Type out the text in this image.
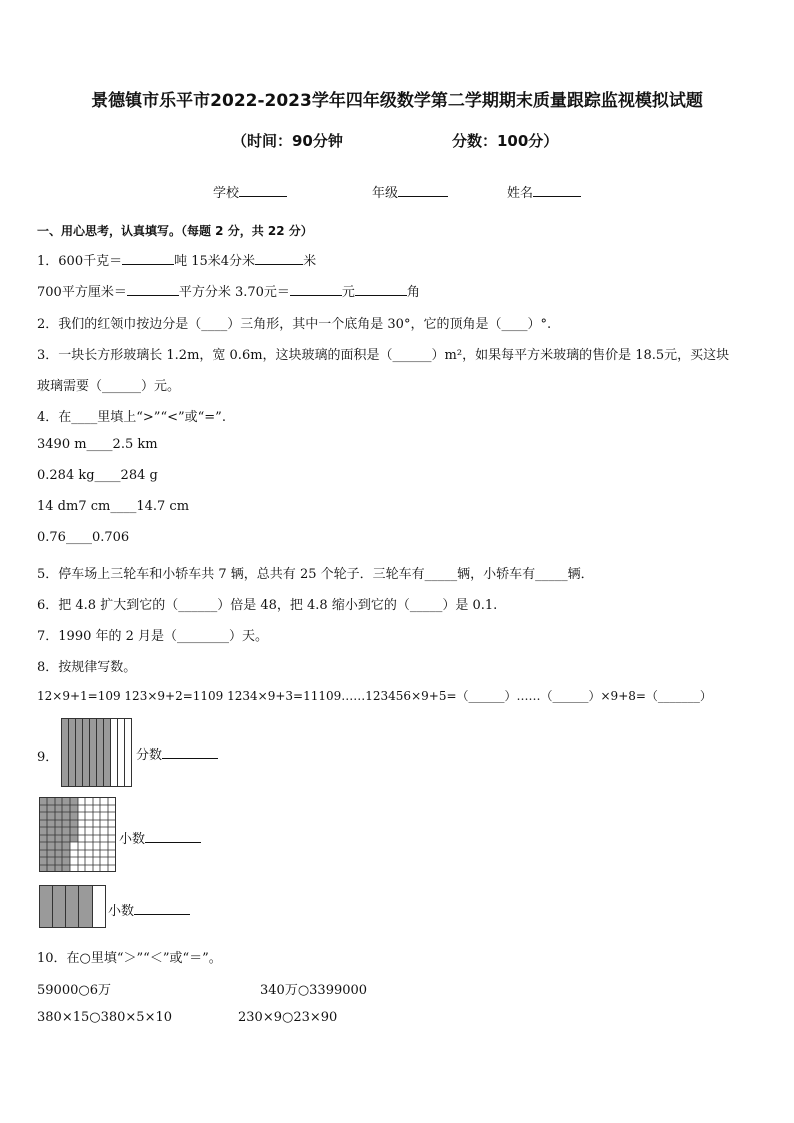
景德镇市乐平市2022-2023学年四年级数学第二学期期末质量跟踪监视模拟试题
（时间：90分钟	分数：100分）
学校	年级	姓名
一、用心思考，认真填写。（每题 2 分，共 22 分）
1．600千克＝	吨 15米4分米	米
700平方厘米＝	平方分米 3.70元＝	元	角
2．我们的红领巾按边分是（____）三角形，其中一个底角是 30°，它的顶角是（____）°.
3．一块长方形玻璃长 1.2m，宽 0.6m，这块玻璃的面积是（______）m²，如果每平方米玻璃的售价是 18.5元，买这块
玻璃需要（______）元。
4．在____里填上“>”“<”或“=”.
3490 m____2.5 km
0.284 kg____284 g
14 dm7 cm____14.7 cm
0.76____0.706
5．停车场上三轮车和小轿车共 7 辆，总共有 25 个轮子．三轮车有_____辆，小轿车有_____辆．
6．把 4.8 扩大到它的（______）倍是 48，把 4.8 缩小到它的（_____）是 0.1.
7．1990 年的 2 月是（________）天。
8．按规律写数。
12×9+1=109 123×9+2=1109 1234×9+3=11109……123456×9+5=（______）……（______）×9+8=（_______）
9．	分数
小数
小数
10．在○里填“＞”“＜”或“＝”。
59000○6万	340万○3399000
380×15○380×5×10	230×9○23×90
